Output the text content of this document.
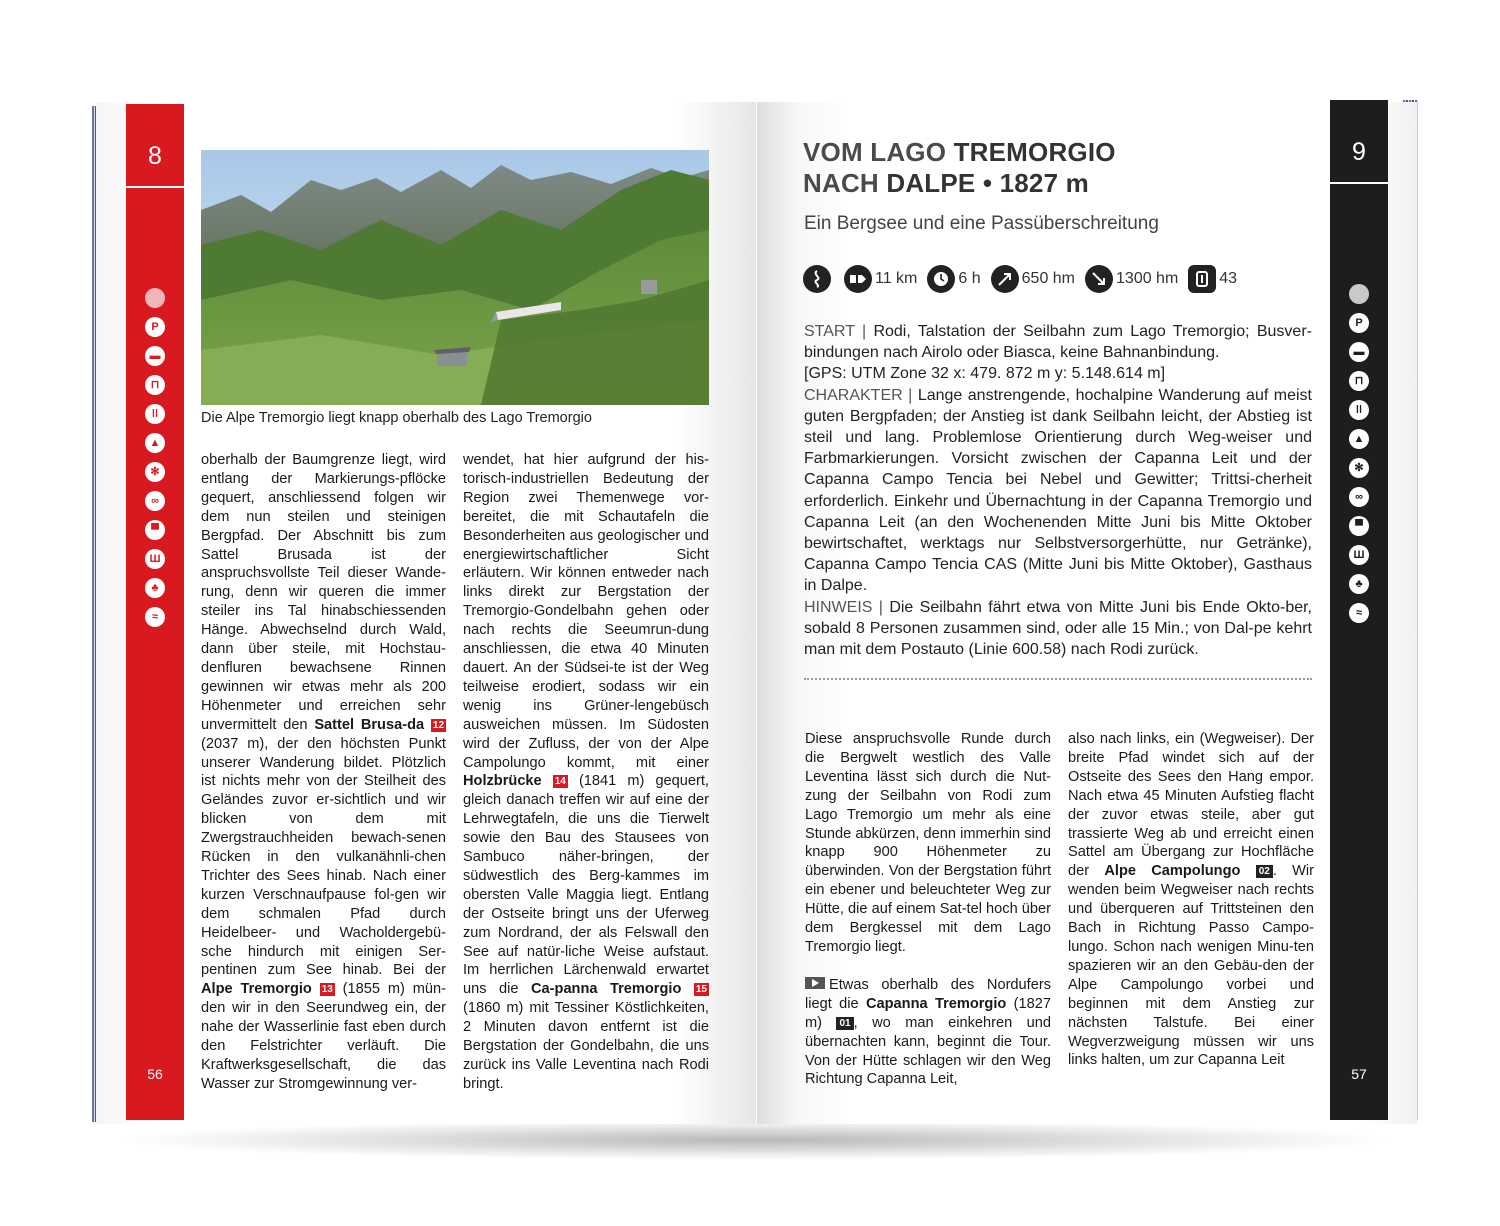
8
P
▬
⊓
ǀǀ
▲
✻
∞
▀
Ш
♣
≈
56
9
P
▬
⊓
ǀǀ
▲
✻
∞
▀
Ш
♣
≈
57
Die Alpe Tremorgio liegt knapp oberhalb des Lago Tremorgio
oberhalb der Baumgrenze liegt, wird entlang der Markierungs-pflöcke gequert, anschliessend folgen wir dem nun steilen und steinigen Bergpfad. Der Abschnitt bis zum Sattel Brusada ist der anspruchsvollste Teil dieser Wande-rung, denn wir queren die immer steiler ins Tal hinabschiessenden Hänge. Abwechselnd durch Wald, dann über steile, mit Hochstau-denfluren bewachsene Rinnen gewinnen wir etwas mehr als 200 Höhenmeter und erreichen sehr unvermittelt den Sattel Brusa-da 12 (2037 m), der den höchsten Punkt unserer Wanderung bildet. Plötzlich ist nichts mehr von der Steilheit des Geländes zuvor er-sichtlich und wir blicken von dem mit Zwergstrauchheiden bewach-senen Rücken in den vulkanähnli-chen Trichter des Sees hinab. Nach einer kurzen Verschnaufpause fol-gen wir dem schmalen Pfad durch Heidelbeer- und Wacholdergebü-sche hindurch mit einigen Ser-pentinen zum See hinab. Bei der Alpe Tremorgio 13 (1855 m) mün-den wir in den Seerundweg ein, der nahe der Wasserlinie fast eben durch den Felstrichter verläuft. Die Kraftwerksgesellschaft, die das Wasser zur Stromgewinnung ver-
wendet, hat hier aufgrund der his-torisch-industriellen Bedeutung der Region zwei Themenwege vor-bereitet, die mit Schautafeln die Besonderheiten aus geologischer und energiewirtschaftlicher Sicht erläutern. Wir können entweder nach links direkt zur Bergstation der Tremorgio-Gondelbahn gehen oder nach rechts die Seeumrun-dung anschliessen, die etwa 40 Minuten dauert. An der Südsei-te ist der Weg teilweise erodiert, sodass wir ein wenig ins Grüner-lengebüsch ausweichen müssen. Im Südosten wird der Zufluss, der von der Alpe Campolungo kommt, mit einer Holzbrücke 14 (1841 m) gequert, gleich danach treffen wir auf eine der Lehrwegtafeln, die uns die Tierwelt sowie den Bau des Stausees von Sambuco näher-bringen, der südwestlich des Berg-kammes im obersten Valle Maggia liegt. Entlang der Ostseite bringt uns der Uferweg zum Nordrand, der als Felswall den See auf natür-liche Weise aufstaut. Im herrlichen Lärchenwald erwartet uns die Ca-panna Tremorgio 15 (1860 m) mit Tessiner Köstlichkeiten, 2 Minuten davon entfernt ist die Bergstation der Gondelbahn, die uns zurück ins Valle Leventina nach Rodi bringt.
VOM LAGO TREMORGIO
NACH DALPE • 1827 m
Ein Bergsee und eine Passüberschreitung
11 km	6 h	650 hm	1300 hm	43
START | Rodi, Talstation der Seilbahn zum Lago Tremorgio; Busver-bindungen nach Airolo oder Biasca, keine Bahnanbindung.
[GPS: UTM Zone 32 x: 479. 872 m y: 5.148.614 m]
CHARAKTER | Lange anstrengende, hochalpine Wanderung auf meist guten Bergpfaden; der Anstieg ist dank Seilbahn leicht, der Abstieg ist steil und lang. Problemlose Orientierung durch Weg-weiser und Farbmarkierungen. Vorsicht zwischen der Capanna Leit und der Capanna Campo Tencia bei Nebel und Gewitter; Trittsi-cherheit erforderlich. Einkehr und Übernachtung in der Capanna Tremorgio und Capanna Leit (an den Wochenenden Mitte Juni bis Mitte Oktober bewirtschaftet, werktags nur Selbstversorgerhütte, nur Getränke), Capanna Campo Tencia CAS (Mitte Juni bis Mitte Oktober), Gasthaus in Dalpe.
HINWEIS | Die Seilbahn fährt etwa von Mitte Juni bis Ende Okto-ber, sobald 8 Personen zusammen sind, oder alle 15 Min.; von Dal-pe kehrt man mit dem Postauto (Linie 600.58) nach Rodi zurück.
Diese anspruchsvolle Runde durch die Bergwelt westlich des Valle Leventina lässt sich durch die Nut-zung der Seilbahn von Rodi zum Lago Tremorgio um mehr als eine Stunde abkürzen, denn immerhin sind knapp 900 Höhenmeter zu überwinden. Von der Bergstation führt ein ebener und beleuchteter Weg zur Hütte, die auf einem Sat-tel hoch über dem Bergkessel mit dem Lago Tremorgio liegt.
Etwas oberhalb des Nordufers liegt die Capanna Tremorgio (1827 m) 01 , wo man einkehren und übernachten kann, beginnt die Tour. Von der Hütte schlagen wir den Weg Richtung Capanna Leit,
also nach links, ein (Wegweiser). Der breite Pfad windet sich auf der Ostseite des Sees den Hang empor. Nach etwa 45 Minuten Aufstieg flacht der zuvor etwas steile, aber gut trassierte Weg ab und erreicht einen Sattel am Übergang zur Hochfläche der Alpe Campolungo 02 . Wir wenden beim Wegweiser nach rechts und überqueren auf Trittsteinen den Bach in Richtung Passo Campo-lungo. Schon nach wenigen Minu-ten spazieren wir an den Gebäu-den der Alpe Campolungo vorbei und beginnen mit dem Anstieg zur nächsten Talstufe. Bei einer Wegverzweigung müssen wir uns links halten, um zur Capanna Leit
